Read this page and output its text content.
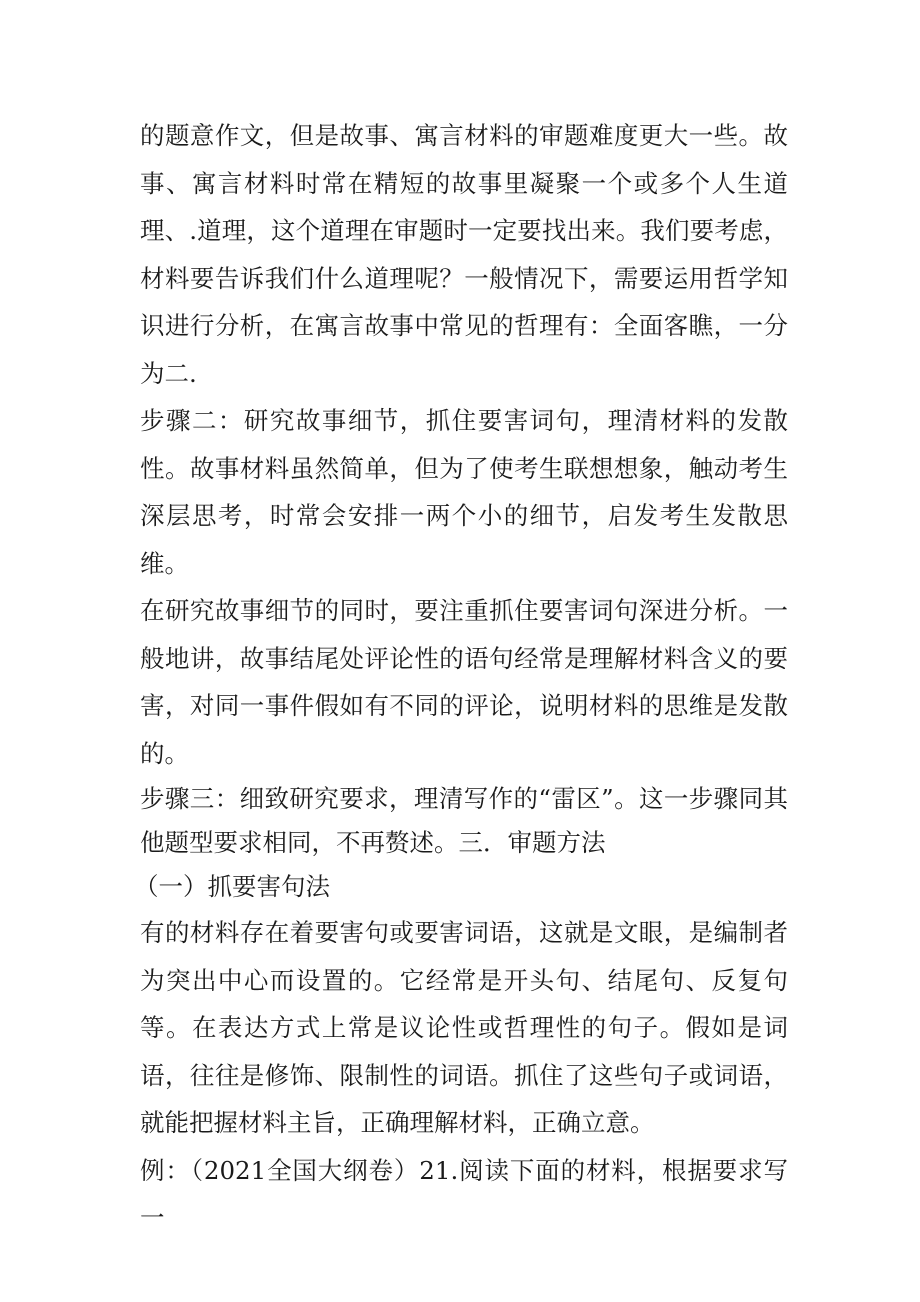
的题意作文，但是故事、寓言材料的审题难度更大一些。故事、寓言材料时常在精短的故事里凝聚一个或多个人生道理、.道理，这个道理在审题时一定要找出来。我们要考虑，材料要告诉我们什么道理呢？一般情况下，需要运用哲学知识进行分析，在寓言故事中常见的哲理有：全面客瞧，一分为二.

步骤二：研究故事细节，抓住要害词句，理清材料的发散性。故事材料虽然简单，但为了使考生联想想象，触动考生深层思考，时常会安排一两个小的细节，启发考生发散思维。

在研究故事细节的同时，要注重抓住要害词句深进分析。一般地讲，故事结尾处评论性的语句经常是理解材料含义的要害，对同一事件假如有不同的评论，说明材料的思维是发散的。

步骤三：细致研究要求，理清写作的“雷区”。这一步骤同其他题型要求相同，不再赘述。三．审题方法

（一）抓要害句法

有的材料存在着要害句或要害词语，这就是文眼，是编制者为突出中心而设置的。它经常是开头句、结尾句、反复句等。在表达方式上常是议论性或哲理性的句子。假如是词语，往往是修饰、限制性的词语。抓住了这些句子或词语，就能把握材料主旨，正确理解材料，正确立意。

例：（2021全国大纲卷）21.阅读下面的材料，根据要求写一
